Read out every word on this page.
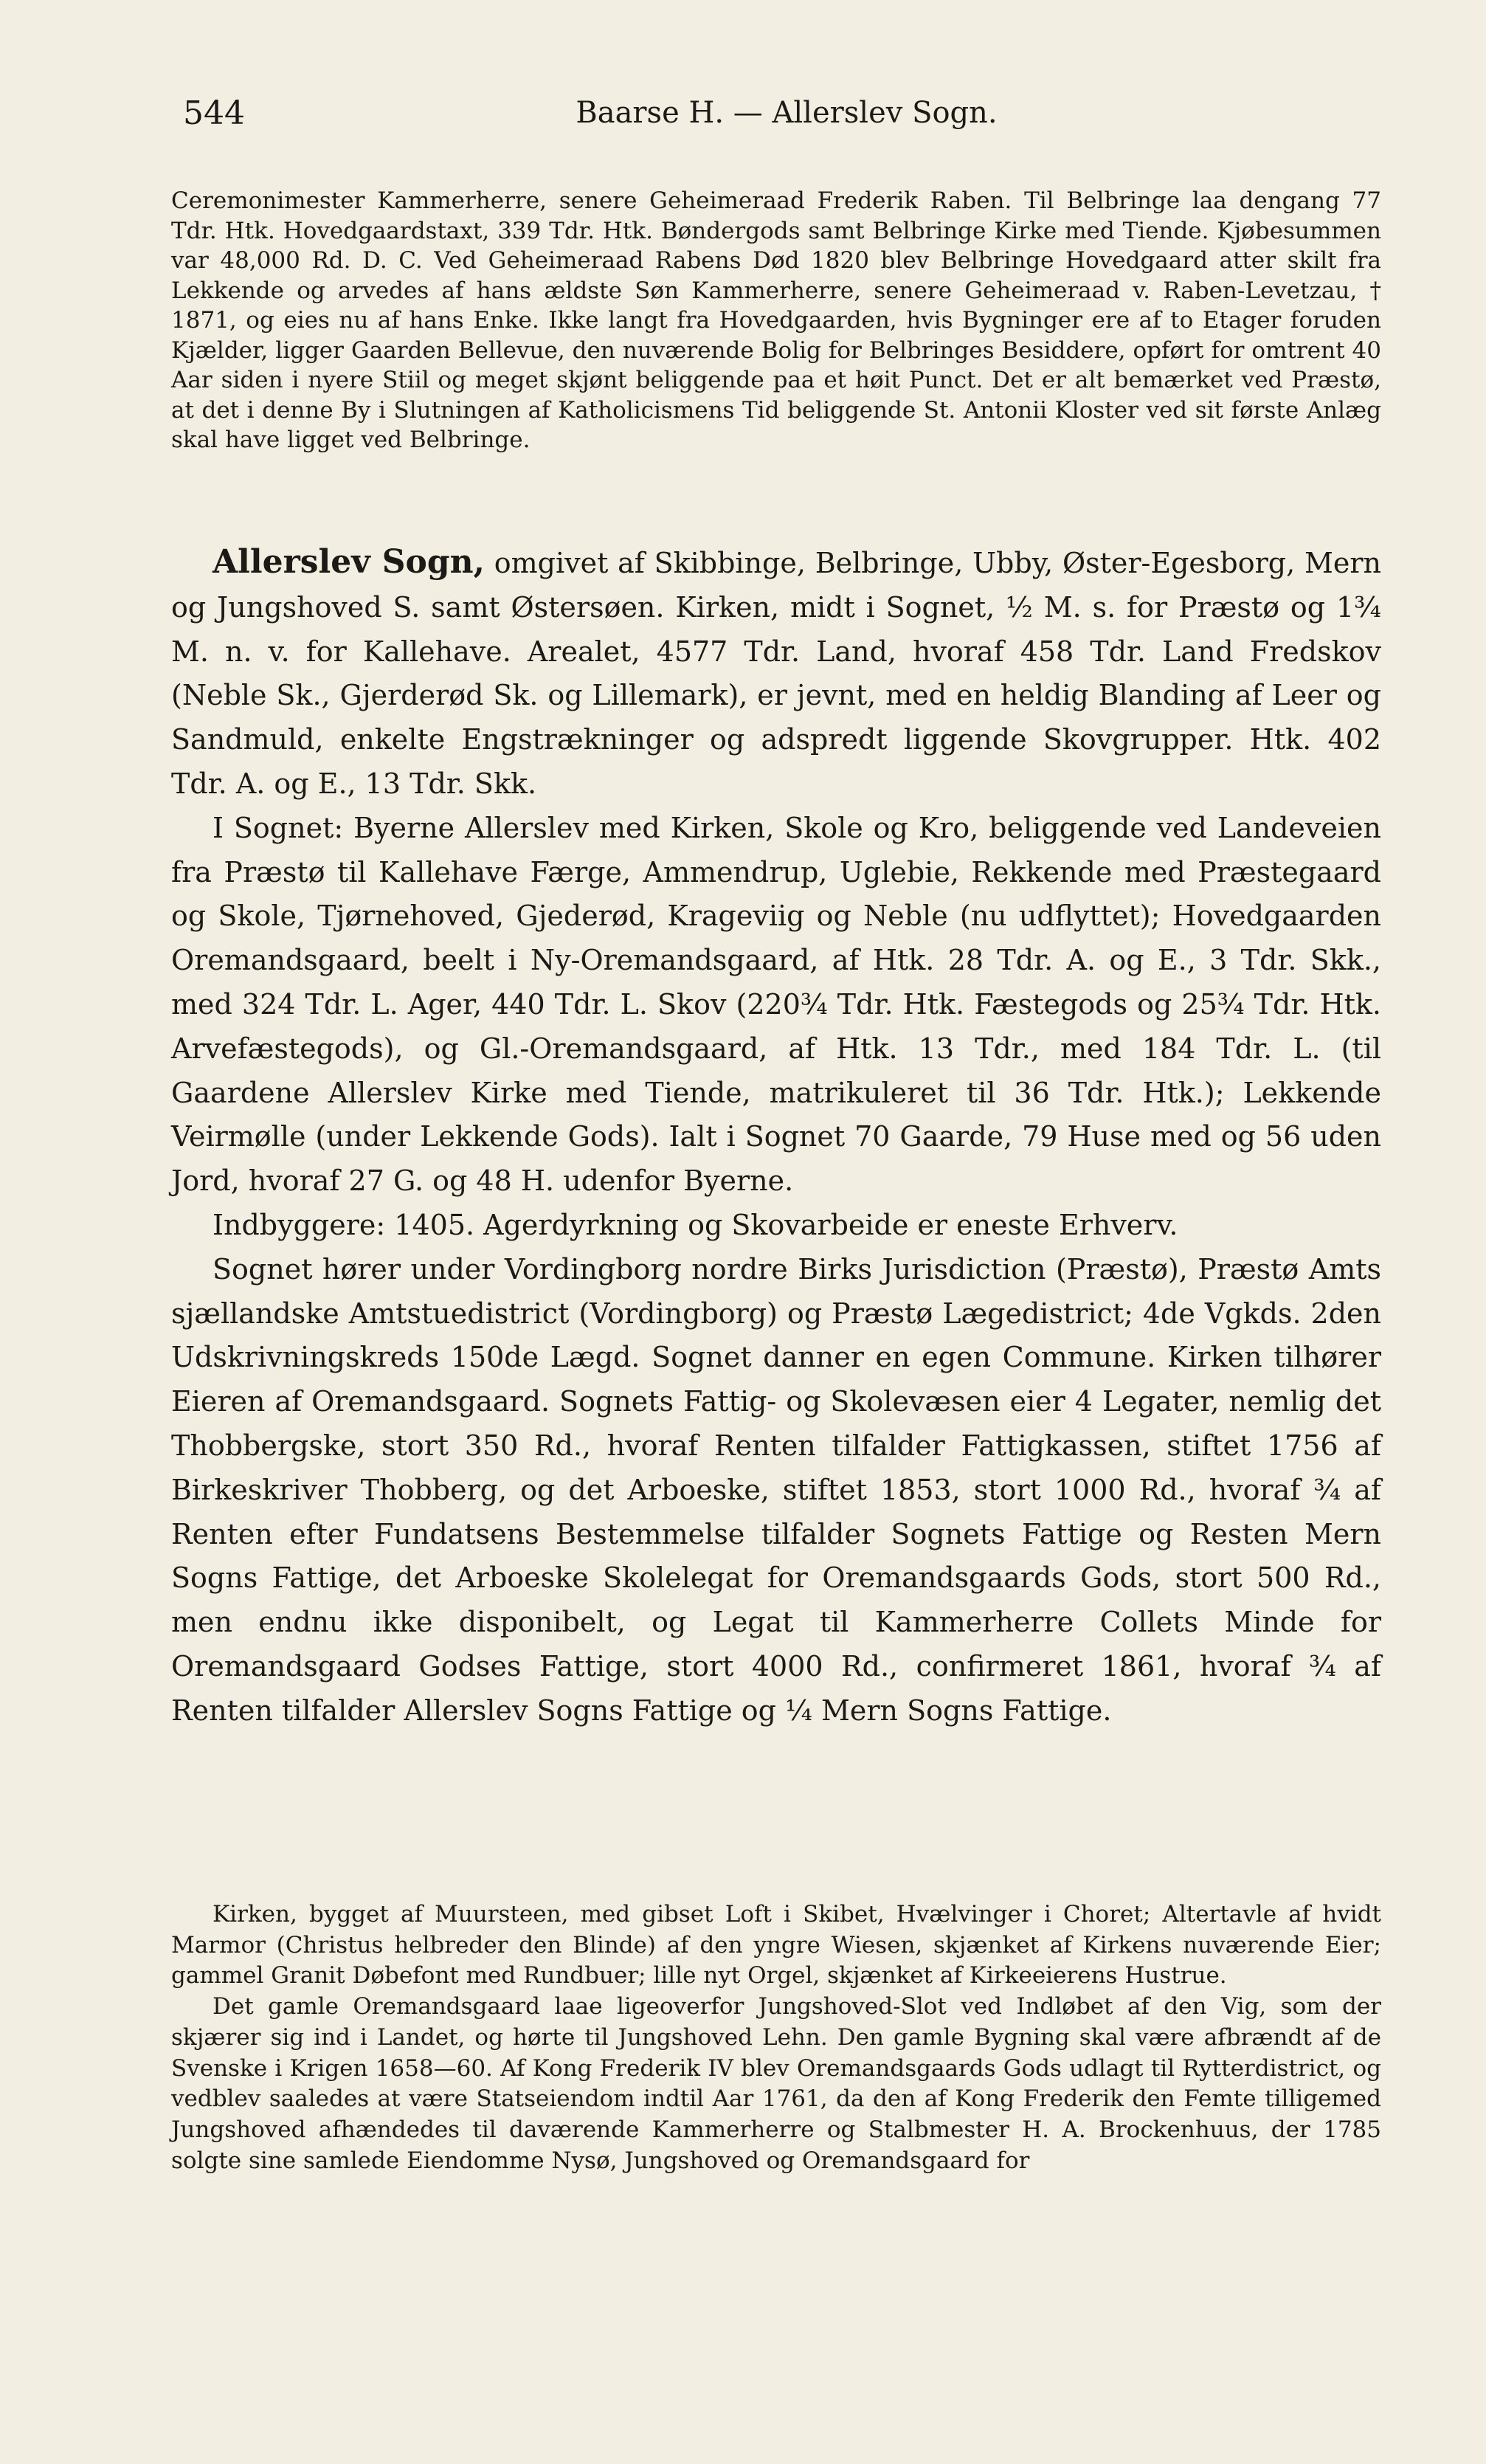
544	Baarse H. — Allerslev Sogn.

Ceremonimester Kammerherre, senere Geheimeraad Frederik Raben. Til Belbringe laa dengang 77 Tdr. Htk. Hovedgaardstaxt, 339 Tdr. Htk. Bøndergods samt Belbringe Kirke med Tiende. Kjøbesummen var 48,000 Rd. D. C. Ved Geheimeraad Rabens Død 1820 blev Belbringe Hovedgaard atter skilt fra Lekkende og arvedes af hans ældste Søn Kammerherre, senere Geheimeraad v. Raben-Levetzau, † 1871, og eies nu af hans Enke. Ikke langt fra Hovedgaarden, hvis Bygninger ere af to Etager foruden Kjælder, ligger Gaarden Bellevue, den nuværende Bolig for Belbringes Besiddere, opført for omtrent 40 Aar siden i nyere Stiil og meget skjønt beliggende paa et høit Punct. Det er alt bemærket ved Præstø, at det i denne By i Slutningen af Katholicismens Tid beliggende St. Antonii Kloster ved sit første Anlæg skal have ligget ved Belbringe.

Allerslev Sogn, omgivet af Skibbinge, Belbringe, Ubby, Øster-Egesborg, Mern og Jungshoved S. samt Østersøen. Kirken, midt i Sognet, ½ M. s. for Præstø og 1¾ M. n. v. for Kallehave. Arealet, 4577 Tdr. Land, hvoraf 458 Tdr. Land Fredskov (Neble Sk., Gjerderød Sk. og Lillemark), er jevnt, med en heldig Blanding af Leer og Sandmuld, enkelte Engstrækninger og adspredt liggende Skovgrupper. Htk. 402 Tdr. A. og E., 13 Tdr. Skk.

I Sognet: Byerne Allerslev med Kirken, Skole og Kro, beliggende ved Landeveien fra Præstø til Kallehave Færge, Ammendrup, Uglebie, Rekkende med Præstegaard og Skole, Tjørnehoved, Gjederød, Krageviig og Neble (nu udflyttet); Hovedgaarden Oremandsgaard, beelt i Ny-Oremandsgaard, af Htk. 28 Tdr. A. og E., 3 Tdr. Skk., med 324 Tdr. L. Ager, 440 Tdr. L. Skov (220¾ Tdr. Htk. Fæstegods og 25¾ Tdr. Htk. Arvefæstegods), og Gl.-Oremandsgaard, af Htk. 13 Tdr., med 184 Tdr. L. (til Gaardene Allerslev Kirke med Tiende, matrikuleret til 36 Tdr. Htk.); Lekkende Veirmølle (under Lekkende Gods). Ialt i Sognet 70 Gaarde, 79 Huse med og 56 uden Jord, hvoraf 27 G. og 48 H. udenfor Byerne.

Indbyggere: 1405. Agerdyrkning og Skovarbeide er eneste Erhverv.

Sognet hører under Vordingborg nordre Birks Jurisdiction (Præstø), Præstø Amts sjællandske Amtstuedistrict (Vordingborg) og Præstø Lægedistrict; 4de Vgkds. 2den Udskrivningskreds 150de Lægd. Sognet danner en egen Commune. Kirken tilhører Eieren af Oremandsgaard. Sognets Fattig- og Skolevæsen eier 4 Legater, nemlig det Thobbergske, stort 350 Rd., hvoraf Renten tilfalder Fattigkassen, stiftet 1756 af Birkeskriver Thobberg, og det Arboeske, stiftet 1853, stort 1000 Rd., hvoraf ¾ af Renten efter Fundatsens Bestemmelse tilfalder Sognets Fattige og Resten Mern Sogns Fattige, det Arboeske Skolelegat for Oremandsgaards Gods, stort 500 Rd., men endnu ikke disponibelt, og Legat til Kammerherre Collets Minde for Oremandsgaard Godses Fattige, stort 4000 Rd., confirmeret 1861, hvoraf ¾ af Renten tilfalder Allerslev Sogns Fattige og ¼ Mern Sogns Fattige.

Kirken, bygget af Muursteen, med gibset Loft i Skibet, Hvælvinger i Choret; Altertavle af hvidt Marmor (Christus helbreder den Blinde) af den yngre Wiesen, skjænket af Kirkens nuværende Eier; gammel Granit Døbefont med Rundbuer; lille nyt Orgel, skjænket af Kirkeeierens Hustrue.

Det gamle Oremandsgaard laae ligeoverfor Jungshoved-Slot ved Indløbet af den Vig, som der skjærer sig ind i Landet, og hørte til Jungshoved Lehn. Den gamle Bygning skal være afbrændt af de Svenske i Krigen 1658—60. Af Kong Frederik IV blev Oremandsgaards Gods udlagt til Rytterdistrict, og vedblev saaledes at være Statseiendom indtil Aar 1761, da den af Kong Frederik den Femte tilligemed Jungshoved afhændedes til daværende Kammerherre og Stalbmester H. A. Brockenhuus, der 1785 solgte sine samlede Eiendomme Nysø, Jungshoved og Oremandsgaard for
